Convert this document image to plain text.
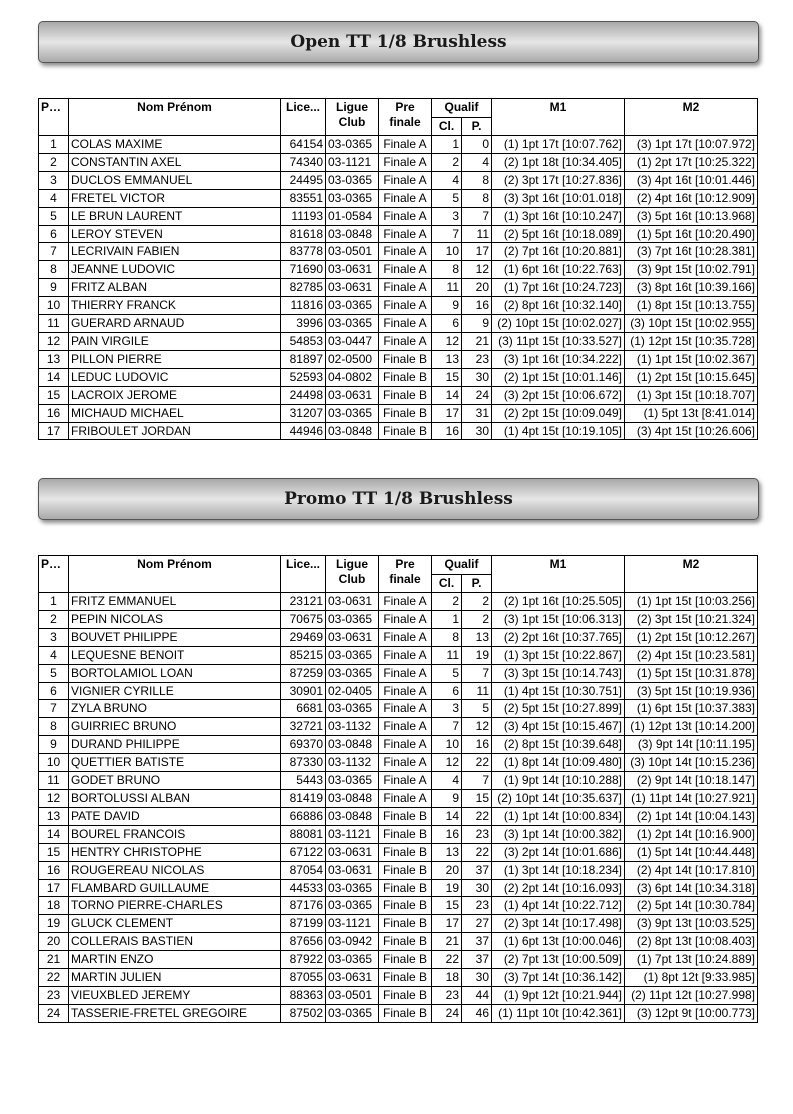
Open TT 1/8 Brushless
Pos.	Nom Prénom	Lice...	Ligue Club	Pre finale	Qualif		M1	M2
					Cl.	P.		
1	COLAS MAXIME	64154	03-0365	Finale A	1	0	(1) 1pt 17t [10:07.762]	(3) 1pt 17t [10:07.972]
2	CONSTANTIN AXEL	74340	03-1121	Finale A	2	4	(2) 1pt 18t [10:34.405]	(1) 2pt 17t [10:25.322]
3	DUCLOS EMMANUEL	24495	03-0365	Finale A	4	8	(2) 3pt 17t [10:27.836]	(3) 4pt 16t [10:01.446]
4	FRETEL VICTOR	83551	03-0365	Finale A	5	8	(3) 3pt 16t [10:01.018]	(2) 4pt 16t [10:12.909]
5	LE BRUN LAURENT	11193	01-0584	Finale A	3	7	(1) 3pt 16t [10:10.247]	(3) 5pt 16t [10:13.968]
6	LEROY STEVEN	81618	03-0848	Finale A	7	11	(2) 5pt 16t [10:18.089]	(1) 5pt 16t [10:20.490]
7	LECRIVAIN FABIEN	83778	03-0501	Finale A	10	17	(2) 7pt 16t [10:20.881]	(3) 7pt 16t [10:28.381]
8	JEANNE LUDOVIC	71690	03-0631	Finale A	8	12	(1) 6pt 16t [10:22.763]	(3) 9pt 15t [10:02.791]
9	FRITZ ALBAN	82785	03-0631	Finale A	11	20	(1) 7pt 16t [10:24.723]	(3) 8pt 16t [10:39.166]
10	THIERRY FRANCK	11816	03-0365	Finale A	9	16	(2) 8pt 16t [10:32.140]	(1) 8pt 15t [10:13.755]
11	GUERARD ARNAUD	3996	03-0365	Finale A	6	9	(2) 10pt 15t [10:02.027]	(3) 10pt 15t [10:02.955]
12	PAIN VIRGILE	54853	03-0447	Finale A	12	21	(3) 11pt 15t [10:33.527]	(1) 12pt 15t [10:35.728]
13	PILLON PIERRE	81897	02-0500	Finale B	13	23	(3) 1pt 16t [10:34.222]	(1) 1pt 15t [10:02.367]
14	LEDUC LUDOVIC	52593	04-0802	Finale B	15	30	(2) 1pt 15t [10:01.146]	(1) 2pt 15t [10:15.645]
15	LACROIX JEROME	24498	03-0631	Finale B	14	24	(3) 2pt 15t [10:06.672]	(1) 3pt 15t [10:18.707]
16	MICHAUD MICHAEL	31207	03-0365	Finale B	17	31	(2) 2pt 15t [10:09.049]	(1) 5pt 13t [8:41.014]
17	FRIBOULET JORDAN	44946	03-0848	Finale B	16	30	(1) 4pt 15t [10:19.105]	(3) 4pt 15t [10:26.606]
Promo TT 1/8 Brushless
Pos.	Nom Prénom	Lice...	Ligue Club	Pre finale	Qualif		M1	M2
					Cl.	P.		
1	FRITZ EMMANUEL	23121	03-0631	Finale A	2	2	(2) 1pt 16t [10:25.505]	(1) 1pt 15t [10:03.256]
2	PEPIN NICOLAS	70675	03-0365	Finale A	1	2	(3) 1pt 15t [10:06.313]	(2) 3pt 15t [10:21.324]
3	BOUVET PHILIPPE	29469	03-0631	Finale A	8	13	(2) 2pt 16t [10:37.765]	(1) 2pt 15t [10:12.267]
4	LEQUESNE BENOIT	85215	03-0365	Finale A	11	19	(1) 3pt 15t [10:22.867]	(2) 4pt 15t [10:23.581]
5	BORTOLAMIOL LOAN	87259	03-0365	Finale A	5	7	(3) 3pt 15t [10:14.743]	(1) 5pt 15t [10:31.878]
6	VIGNIER CYRILLE	30901	02-0405	Finale A	6	11	(1) 4pt 15t [10:30.751]	(3) 5pt 15t [10:19.936]
7	ZYLA BRUNO	6681	03-0365	Finale A	3	5	(2) 5pt 15t [10:27.899]	(1) 6pt 15t [10:37.383]
8	GUIRRIEC BRUNO	32721	03-1132	Finale A	7	12	(3) 4pt 15t [10:15.467]	(1) 12pt 13t [10:14.200]
9	DURAND PHILIPPE	69370	03-0848	Finale A	10	16	(2) 8pt 15t [10:39.648]	(3) 9pt 14t [10:11.195]
10	QUETTIER BATISTE	87330	03-1132	Finale A	12	22	(1) 8pt 14t [10:09.480]	(3) 10pt 14t [10:15.236]
11	GODET BRUNO	5443	03-0365	Finale A	4	7	(1) 9pt 14t [10:10.288]	(2) 9pt 14t [10:18.147]
12	BORTOLUSSI ALBAN	81419	03-0848	Finale A	9	15	(2) 10pt 14t [10:35.637]	(1) 11pt 14t [10:27.921]
13	PATE DAVID	66886	03-0848	Finale B	14	22	(1) 1pt 14t [10:00.834]	(2) 1pt 14t [10:04.143]
14	BOUREL FRANCOIS	88081	03-1121	Finale B	16	23	(3) 1pt 14t [10:00.382]	(1) 2pt 14t [10:16.900]
15	HENTRY CHRISTOPHE	67122	03-0631	Finale B	13	22	(3) 2pt 14t [10:01.686]	(1) 5pt 14t [10:44.448]
16	ROUGEREAU NICOLAS	87054	03-0631	Finale B	20	37	(1) 3pt 14t [10:18.234]	(2) 4pt 14t [10:17.810]
17	FLAMBARD GUILLAUME	44533	03-0365	Finale B	19	30	(2) 2pt 14t [10:16.093]	(3) 6pt 14t [10:34.318]
18	TORNO PIERRE-CHARLES	87176	03-0365	Finale B	15	23	(1) 4pt 14t [10:22.712]	(2) 5pt 14t [10:30.784]
19	GLUCK CLEMENT	87199	03-1121	Finale B	17	27	(2) 3pt 14t [10:17.498]	(3) 9pt 13t [10:03.525]
20	COLLERAIS BASTIEN	87656	03-0942	Finale B	21	37	(1) 6pt 13t [10:00.046]	(2) 8pt 13t [10:08.403]
21	MARTIN ENZO	87922	03-0365	Finale B	22	37	(2) 7pt 13t [10:00.509]	(1) 7pt 13t [10:24.889]
22	MARTIN JULIEN	87055	03-0631	Finale B	18	30	(3) 7pt 14t [10:36.142]	(1) 8pt 12t [9:33.985]
23	VIEUXBLED JEREMY	88363	03-0501	Finale B	23	44	(1) 9pt 12t [10:21.944]	(2) 11pt 12t [10:27.998]
24	TASSERIE-FRETEL GREGOIRE	87502	03-0365	Finale B	24	46	(1) 11pt 10t [10:42.361]	(3) 12pt 9t [10:00.773]
